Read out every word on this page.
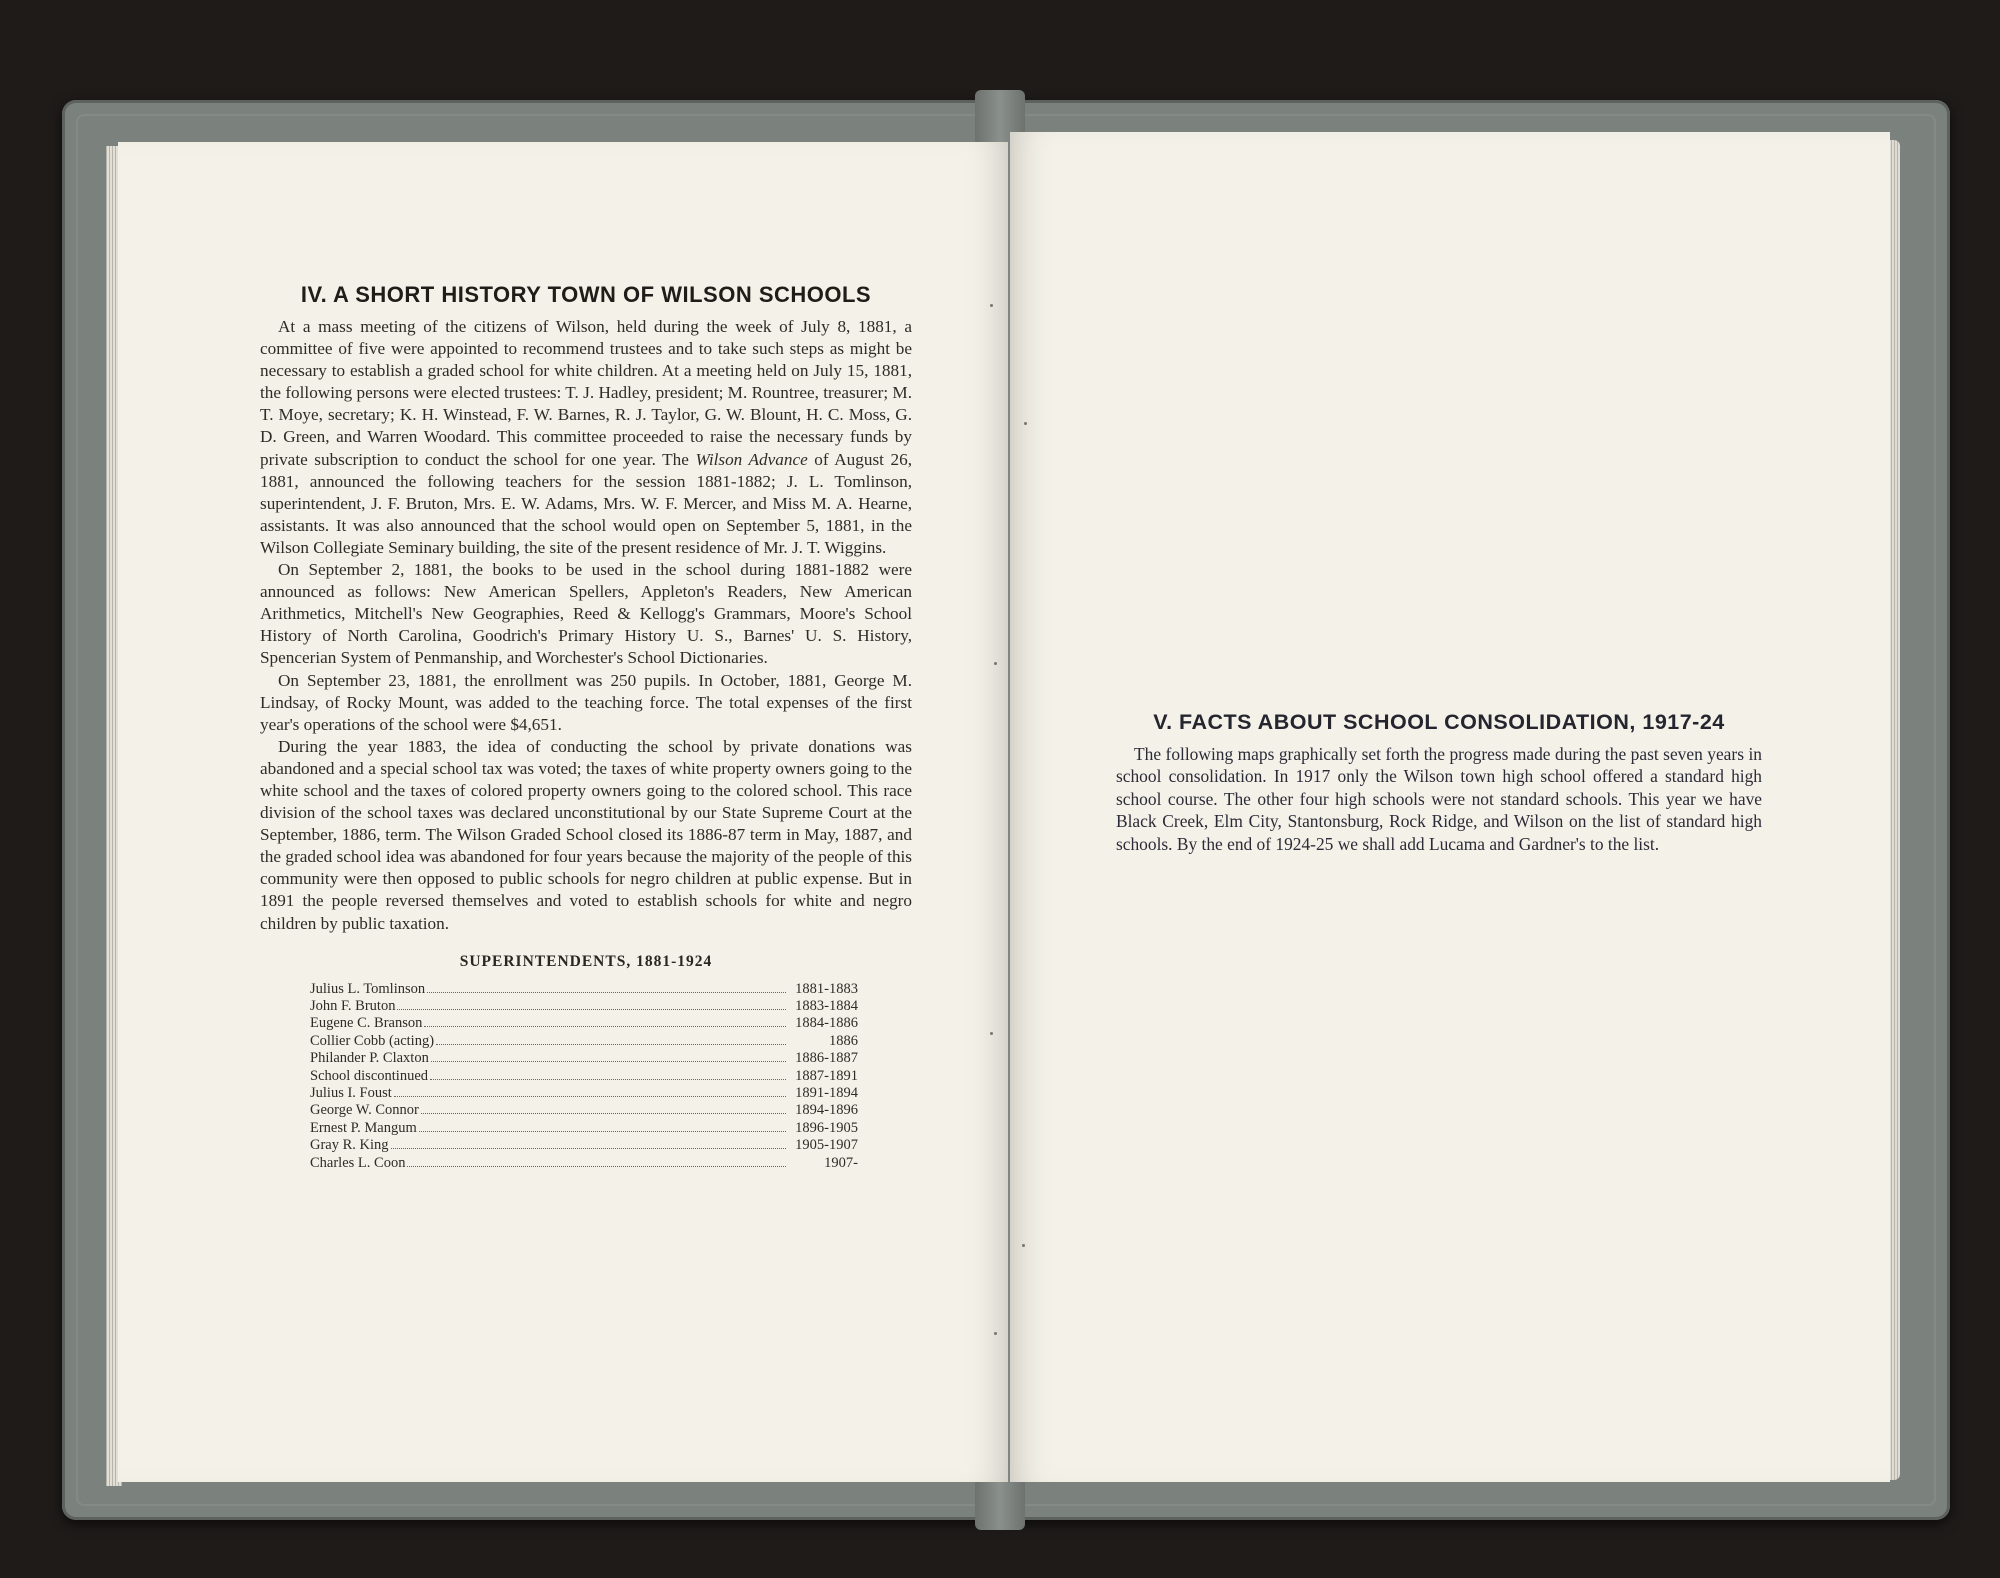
IV. A SHORT HISTORY TOWN OF WILSON SCHOOLS

At a mass meeting of the citizens of Wilson, held during the week of July 8, 1881, a committee of five were appointed to recommend trustees and to take such steps as might be necessary to establish a graded school for white children. At a meeting held on July 15, 1881, the following persons were elected trustees: T. J. Hadley, president; M. Rountree, treasurer; M. T. Moye, secretary; K. H. Winstead, F. W. Barnes, R. J. Taylor, G. W. Blount, H. C. Moss, G. D. Green, and Warren Woodard. This committee proceeded to raise the necessary funds by private subscription to conduct the school for one year. The Wilson Advance of August 26, 1881, announced the following teachers for the session 1881-1882; J. L. Tomlinson, superintendent, J. F. Bruton, Mrs. E. W. Adams, Mrs. W. F. Mercer, and Miss M. A. Hearne, assistants. It was also announced that the school would open on September 5, 1881, in the Wilson Collegiate Seminary building, the site of the present residence of Mr. J. T. Wiggins.

On September 2, 1881, the books to be used in the school during 1881-1882 were announced as follows: New American Spellers, Appleton's Readers, New American Arithmetics, Mitchell's New Geographies, Reed & Kellogg's Grammars, Moore's School History of North Carolina, Goodrich's Primary History U. S., Barnes' U. S. History, Spencerian System of Penmanship, and Worchester's School Dictionaries.

On September 23, 1881, the enrollment was 250 pupils. In October, 1881, George M. Lindsay, of Rocky Mount, was added to the teaching force. The total expenses of the first year's operations of the school were $4,651.

During the year 1883, the idea of conducting the school by private donations was abandoned and a special school tax was voted; the taxes of white property owners going to the white school and the taxes of colored property owners going to the colored school. This race division of the school taxes was declared unconstitutional by our State Supreme Court at the September, 1886, term. The Wilson Graded School closed its 1886-87 term in May, 1887, and the graded school idea was abandoned for four years because the majority of the people of this community were then opposed to public schools for negro children at public expense. But in 1891 the people reversed themselves and voted to establish schools for white and negro children by public taxation.

SUPERINTENDENTS, 1881-1924
Julius L. Tomlinson	1881-1883
John F. Bruton	1883-1884
Eugene C. Branson	1884-1886
Collier Cobb (acting)	1886
Philander P. Claxton	1886-1887
School discontinued	1887-1891
Julius I. Foust	1891-1894
George W. Connor	1894-1896
Ernest P. Mangum	1896-1905
Gray R. King	1905-1907
Charles L. Coon	1907-
V. FACTS ABOUT SCHOOL CONSOLIDATION, 1917-24

The following maps graphically set forth the progress made during the past seven years in school consolidation. In 1917 only the Wilson town high school offered a standard high school course. The other four high schools were not standard schools. This year we have Black Creek, Elm City, Stantonsburg, Rock Ridge, and Wilson on the list of standard high schools. By the end of 1924-25 we shall add Lucama and Gardner's to the list.
